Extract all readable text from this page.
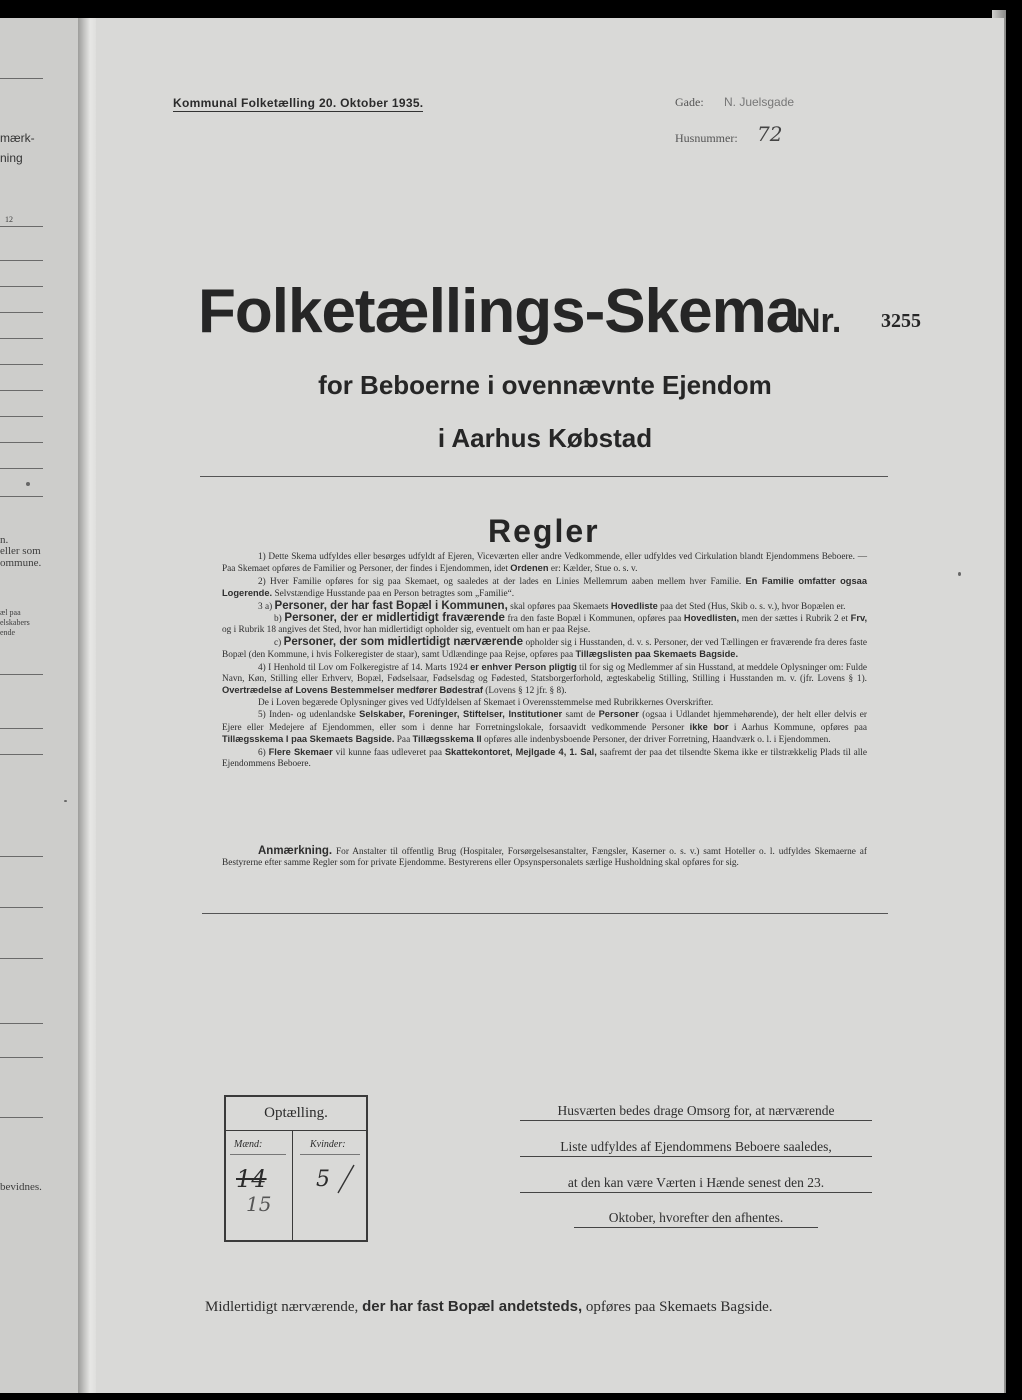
mærk-
ning
12
n.
eller som
ommune.
æl paa
elskabers
ende
bevidnes.
Kommunal Folketælling 20. Oktober 1935.	Gade: N. Juelsgade
Husnummer: 72
Folketællings-Skema
Nr. 3255
for Beboerne i ovennævnte Ejendom
i Aarhus Købstad
Regler

1) Dette Skema udfyldes eller besørges udfyldt af Ejeren, Viceværten eller andre Vedkommende, eller udfyldes ved Cirkulation blandt Ejendommens Beboere. — Paa Skemaet opføres de Familier og Personer, der findes i Ejendommen, idet Ordenen er: Kælder, Stue o. s. v.

2) Hver Familie opføres for sig paa Skemaet, og saaledes at der lades en Linies Mellemrum aaben mellem hver Familie. En Familie omfatter ogsaa Logerende. Selvstændige Husstande paa en Person betragtes som „Familie“.

3 a) Personer, der har fast Bopæl i Kommunen, skal opføres paa Skemaets Hovedliste paa det Sted (Hus, Skib o. s. v.), hvor Bopælen er.

b) Personer, der er midlertidigt fraværende fra den faste Bopæl i Kommunen, opføres paa Hovedlisten, men der sættes i Rubrik 2 et Frv, og i Rubrik 18 angives det Sted, hvor han midlertidigt opholder sig, eventuelt om han er paa Rejse.

c) Personer, der som midlertidigt nærværende opholder sig i Husstanden, d. v. s. Personer, der ved Tællingen er fraværende fra deres faste Bopæl (den Kommune, i hvis Folkeregister de staar), samt Udlændinge paa Rejse, opføres paa Tillægslisten paa Skemaets Bagside.

4) I Henhold til Lov om Folkeregistre af 14. Marts 1924 er enhver Person pligtig til for sig og Medlemmer af sin Husstand, at meddele Oplysninger om: Fulde Navn, Køn, Stilling eller Erhverv, Bopæl, Fødselsaar, Fødselsdag og Fødested, Statsborgerforhold, ægteskabelig Stilling, Stilling i Husstanden m. v. (jfr. Lovens § 1). Overtrædelse af Lovens Bestemmelser medfører Bødestraf (Lovens § 12 jfr. § 8).

De i Loven begærede Oplysninger gives ved Udfyldelsen af Skemaet i Overensstemmelse med Rubrikkernes Overskrifter.

5) Inden- og udenlandske Selskaber, Foreninger, Stiftelser, Institutioner samt de Personer (ogsaa i Udlandet hjemmehørende), der helt eller delvis er Ejere eller Medejere af Ejendommen, eller som i denne har Forretningslokale, forsaavidt vedkommende Personer ikke bor i Aarhus Kommune, opføres paa Tillægsskema I paa Skemaets Bagside. Paa Tillægsskema II opføres alle indenbysboende Personer, der driver Forretning, Haandværk o. l. i Ejendommen.

6) Flere Skemaer vil kunne faas udleveret paa Skattekontoret, Mejlgade 4, 1. Sal, saafremt der paa det tilsendte Skema ikke er tilstrækkelig Plads til alle Ejendommens Beboere.

Anmærkning. For Anstalter til offentlig Brug (Hospitaler, Forsørgelsesanstalter, Fængsler, Kaserner o. s. v.) samt Hoteller o. l. udfyldes Skemaerne af Bestyrerne efter samme Regler som for private Ejendomme. Bestyrerens eller Opsynspersonalets særlige Husholdning skal opføres for sig.

Optælling.
Mænd:	Kvinder:
14
15
5
Husværten bedes drage Omsorg for, at nærværende
Liste udfyldes af Ejendommens Beboere saaledes,
at den kan være Værten i Hænde senest den 23.
Oktober, hvorefter den afhentes.
Midlertidigt nærværende, der har fast Bopæl andetsteds, opføres paa Skemaets Bagside.
